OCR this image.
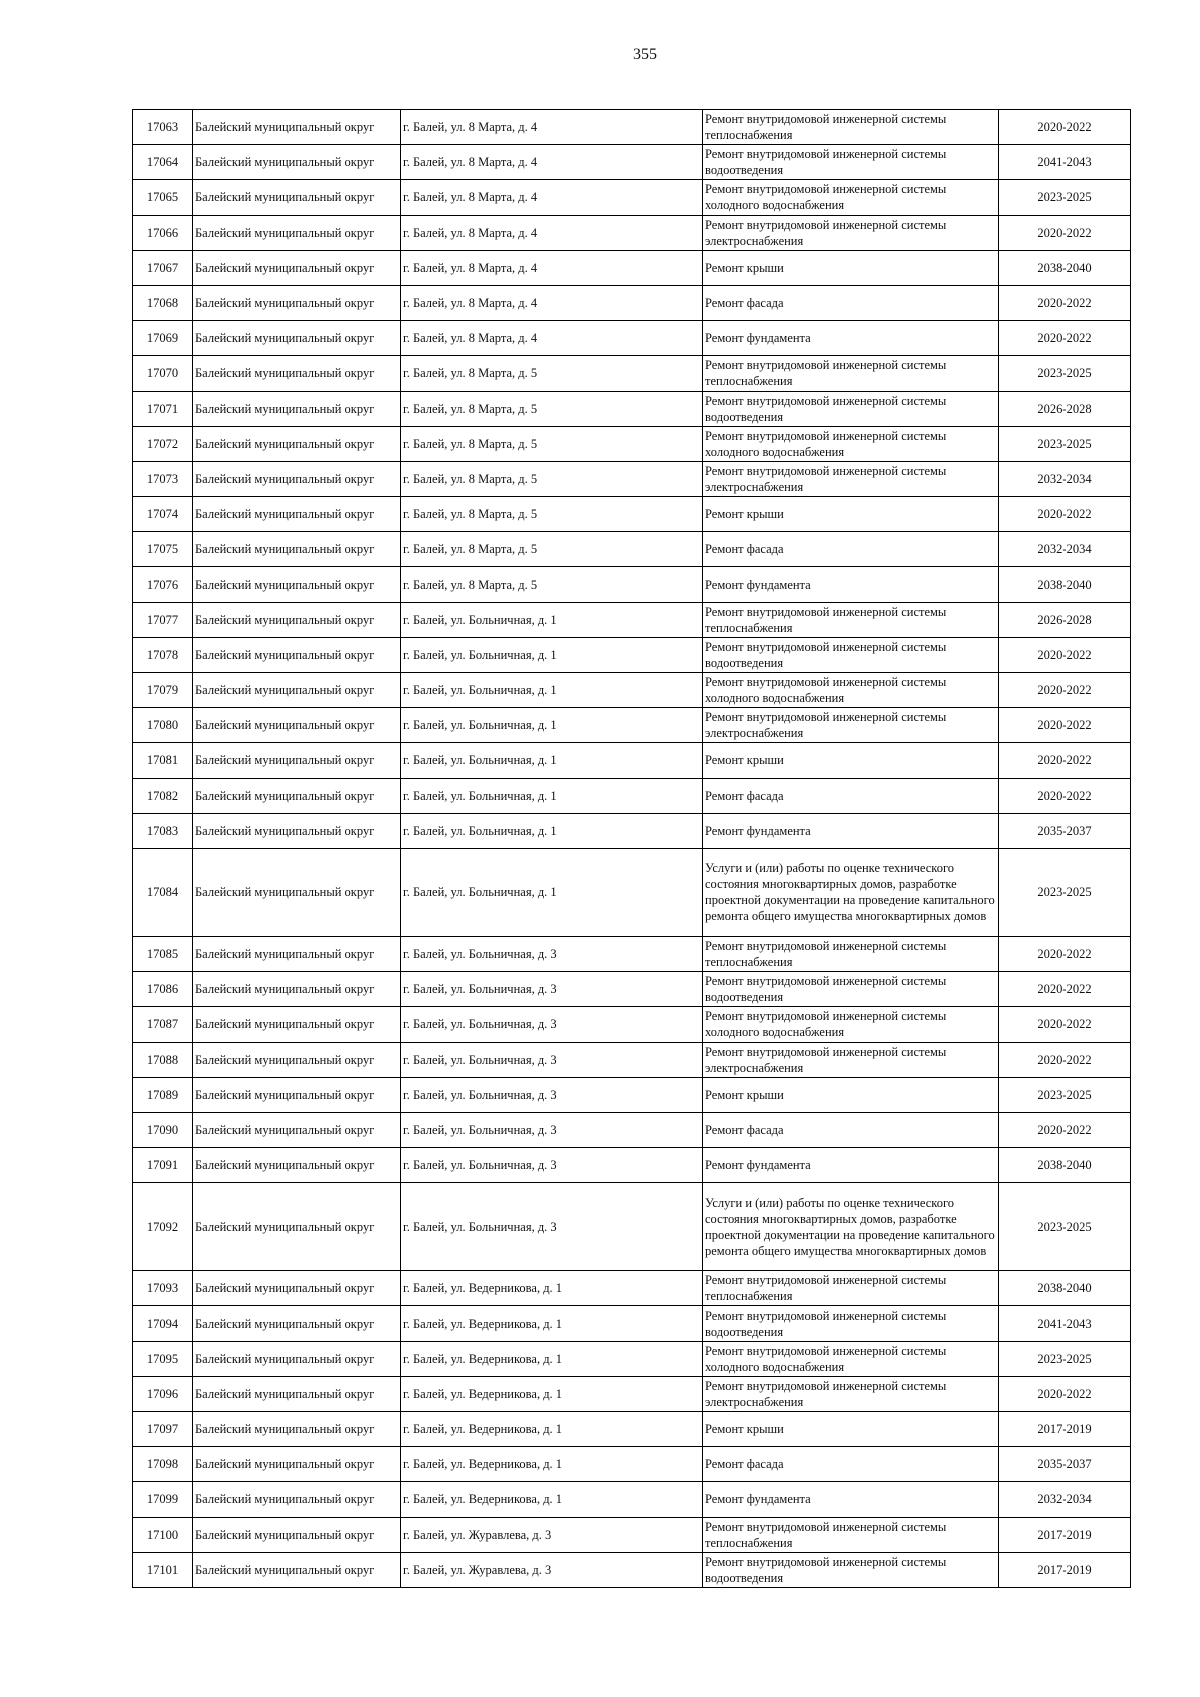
355
17063	Балейский муниципальный округ	г. Балей, ул. 8 Марта, д. 4	Ремонт внутридомовой инженерной системы теплоснабжения	2020-2022
17064	Балейский муниципальный округ	г. Балей, ул. 8 Марта, д. 4	Ремонт внутридомовой инженерной системы водоотведения	2041-2043
17065	Балейский муниципальный округ	г. Балей, ул. 8 Марта, д. 4	Ремонт внутридомовой инженерной системы холодного водоснабжения	2023-2025
17066	Балейский муниципальный округ	г. Балей, ул. 8 Марта, д. 4	Ремонт внутридомовой инженерной системы электроснабжения	2020-2022
17067	Балейский муниципальный округ	г. Балей, ул. 8 Марта, д. 4	Ремонт крыши	2038-2040
17068	Балейский муниципальный округ	г. Балей, ул. 8 Марта, д. 4	Ремонт фасада	2020-2022
17069	Балейский муниципальный округ	г. Балей, ул. 8 Марта, д. 4	Ремонт фундамента	2020-2022
17070	Балейский муниципальный округ	г. Балей, ул. 8 Марта, д. 5	Ремонт внутридомовой инженерной системы теплоснабжения	2023-2025
17071	Балейский муниципальный округ	г. Балей, ул. 8 Марта, д. 5	Ремонт внутридомовой инженерной системы водоотведения	2026-2028
17072	Балейский муниципальный округ	г. Балей, ул. 8 Марта, д. 5	Ремонт внутридомовой инженерной системы холодного водоснабжения	2023-2025
17073	Балейский муниципальный округ	г. Балей, ул. 8 Марта, д. 5	Ремонт внутридомовой инженерной системы электроснабжения	2032-2034
17074	Балейский муниципальный округ	г. Балей, ул. 8 Марта, д. 5	Ремонт крыши	2020-2022
17075	Балейский муниципальный округ	г. Балей, ул. 8 Марта, д. 5	Ремонт фасада	2032-2034
17076	Балейский муниципальный округ	г. Балей, ул. 8 Марта, д. 5	Ремонт фундамента	2038-2040
17077	Балейский муниципальный округ	г. Балей, ул. Больничная, д. 1	Ремонт внутридомовой инженерной системы теплоснабжения	2026-2028
17078	Балейский муниципальный округ	г. Балей, ул. Больничная, д. 1	Ремонт внутридомовой инженерной системы водоотведения	2020-2022
17079	Балейский муниципальный округ	г. Балей, ул. Больничная, д. 1	Ремонт внутридомовой инженерной системы холодного водоснабжения	2020-2022
17080	Балейский муниципальный округ	г. Балей, ул. Больничная, д. 1	Ремонт внутридомовой инженерной системы электроснабжения	2020-2022
17081	Балейский муниципальный округ	г. Балей, ул. Больничная, д. 1	Ремонт крыши	2020-2022
17082	Балейский муниципальный округ	г. Балей, ул. Больничная, д. 1	Ремонт фасада	2020-2022
17083	Балейский муниципальный округ	г. Балей, ул. Больничная, д. 1	Ремонт фундамента	2035-2037
17084	Балейский муниципальный округ	г. Балей, ул. Больничная, д. 1	Услуги и (или) работы по оценке технического состояния многоквартирных домов, разработке проектной документации на проведение капитального ремонта общего имущества многоквартирных домов	2023-2025
17085	Балейский муниципальный округ	г. Балей, ул. Больничная, д. 3	Ремонт внутридомовой инженерной системы теплоснабжения	2020-2022
17086	Балейский муниципальный округ	г. Балей, ул. Больничная, д. 3	Ремонт внутридомовой инженерной системы водоотведения	2020-2022
17087	Балейский муниципальный округ	г. Балей, ул. Больничная, д. 3	Ремонт внутридомовой инженерной системы холодного водоснабжения	2020-2022
17088	Балейский муниципальный округ	г. Балей, ул. Больничная, д. 3	Ремонт внутридомовой инженерной системы электроснабжения	2020-2022
17089	Балейский муниципальный округ	г. Балей, ул. Больничная, д. 3	Ремонт крыши	2023-2025
17090	Балейский муниципальный округ	г. Балей, ул. Больничная, д. 3	Ремонт фасада	2020-2022
17091	Балейский муниципальный округ	г. Балей, ул. Больничная, д. 3	Ремонт фундамента	2038-2040
17092	Балейский муниципальный округ	г. Балей, ул. Больничная, д. 3	Услуги и (или) работы по оценке технического состояния многоквартирных домов, разработке проектной документации на проведение капитального ремонта общего имущества многоквартирных домов	2023-2025
17093	Балейский муниципальный округ	г. Балей, ул. Ведерникова, д. 1	Ремонт внутридомовой инженерной системы теплоснабжения	2038-2040
17094	Балейский муниципальный округ	г. Балей, ул. Ведерникова, д. 1	Ремонт внутридомовой инженерной системы водоотведения	2041-2043
17095	Балейский муниципальный округ	г. Балей, ул. Ведерникова, д. 1	Ремонт внутридомовой инженерной системы холодного водоснабжения	2023-2025
17096	Балейский муниципальный округ	г. Балей, ул. Ведерникова, д. 1	Ремонт внутридомовой инженерной системы электроснабжения	2020-2022
17097	Балейский муниципальный округ	г. Балей, ул. Ведерникова, д. 1	Ремонт крыши	2017-2019
17098	Балейский муниципальный округ	г. Балей, ул. Ведерникова, д. 1	Ремонт фасада	2035-2037
17099	Балейский муниципальный округ	г. Балей, ул. Ведерникова, д. 1	Ремонт фундамента	2032-2034
17100	Балейский муниципальный округ	г. Балей, ул. Журавлева, д. 3	Ремонт внутридомовой инженерной системы теплоснабжения	2017-2019
17101	Балейский муниципальный округ	г. Балей, ул. Журавлева, д. 3	Ремонт внутридомовой инженерной системы водоотведения	2017-2019
